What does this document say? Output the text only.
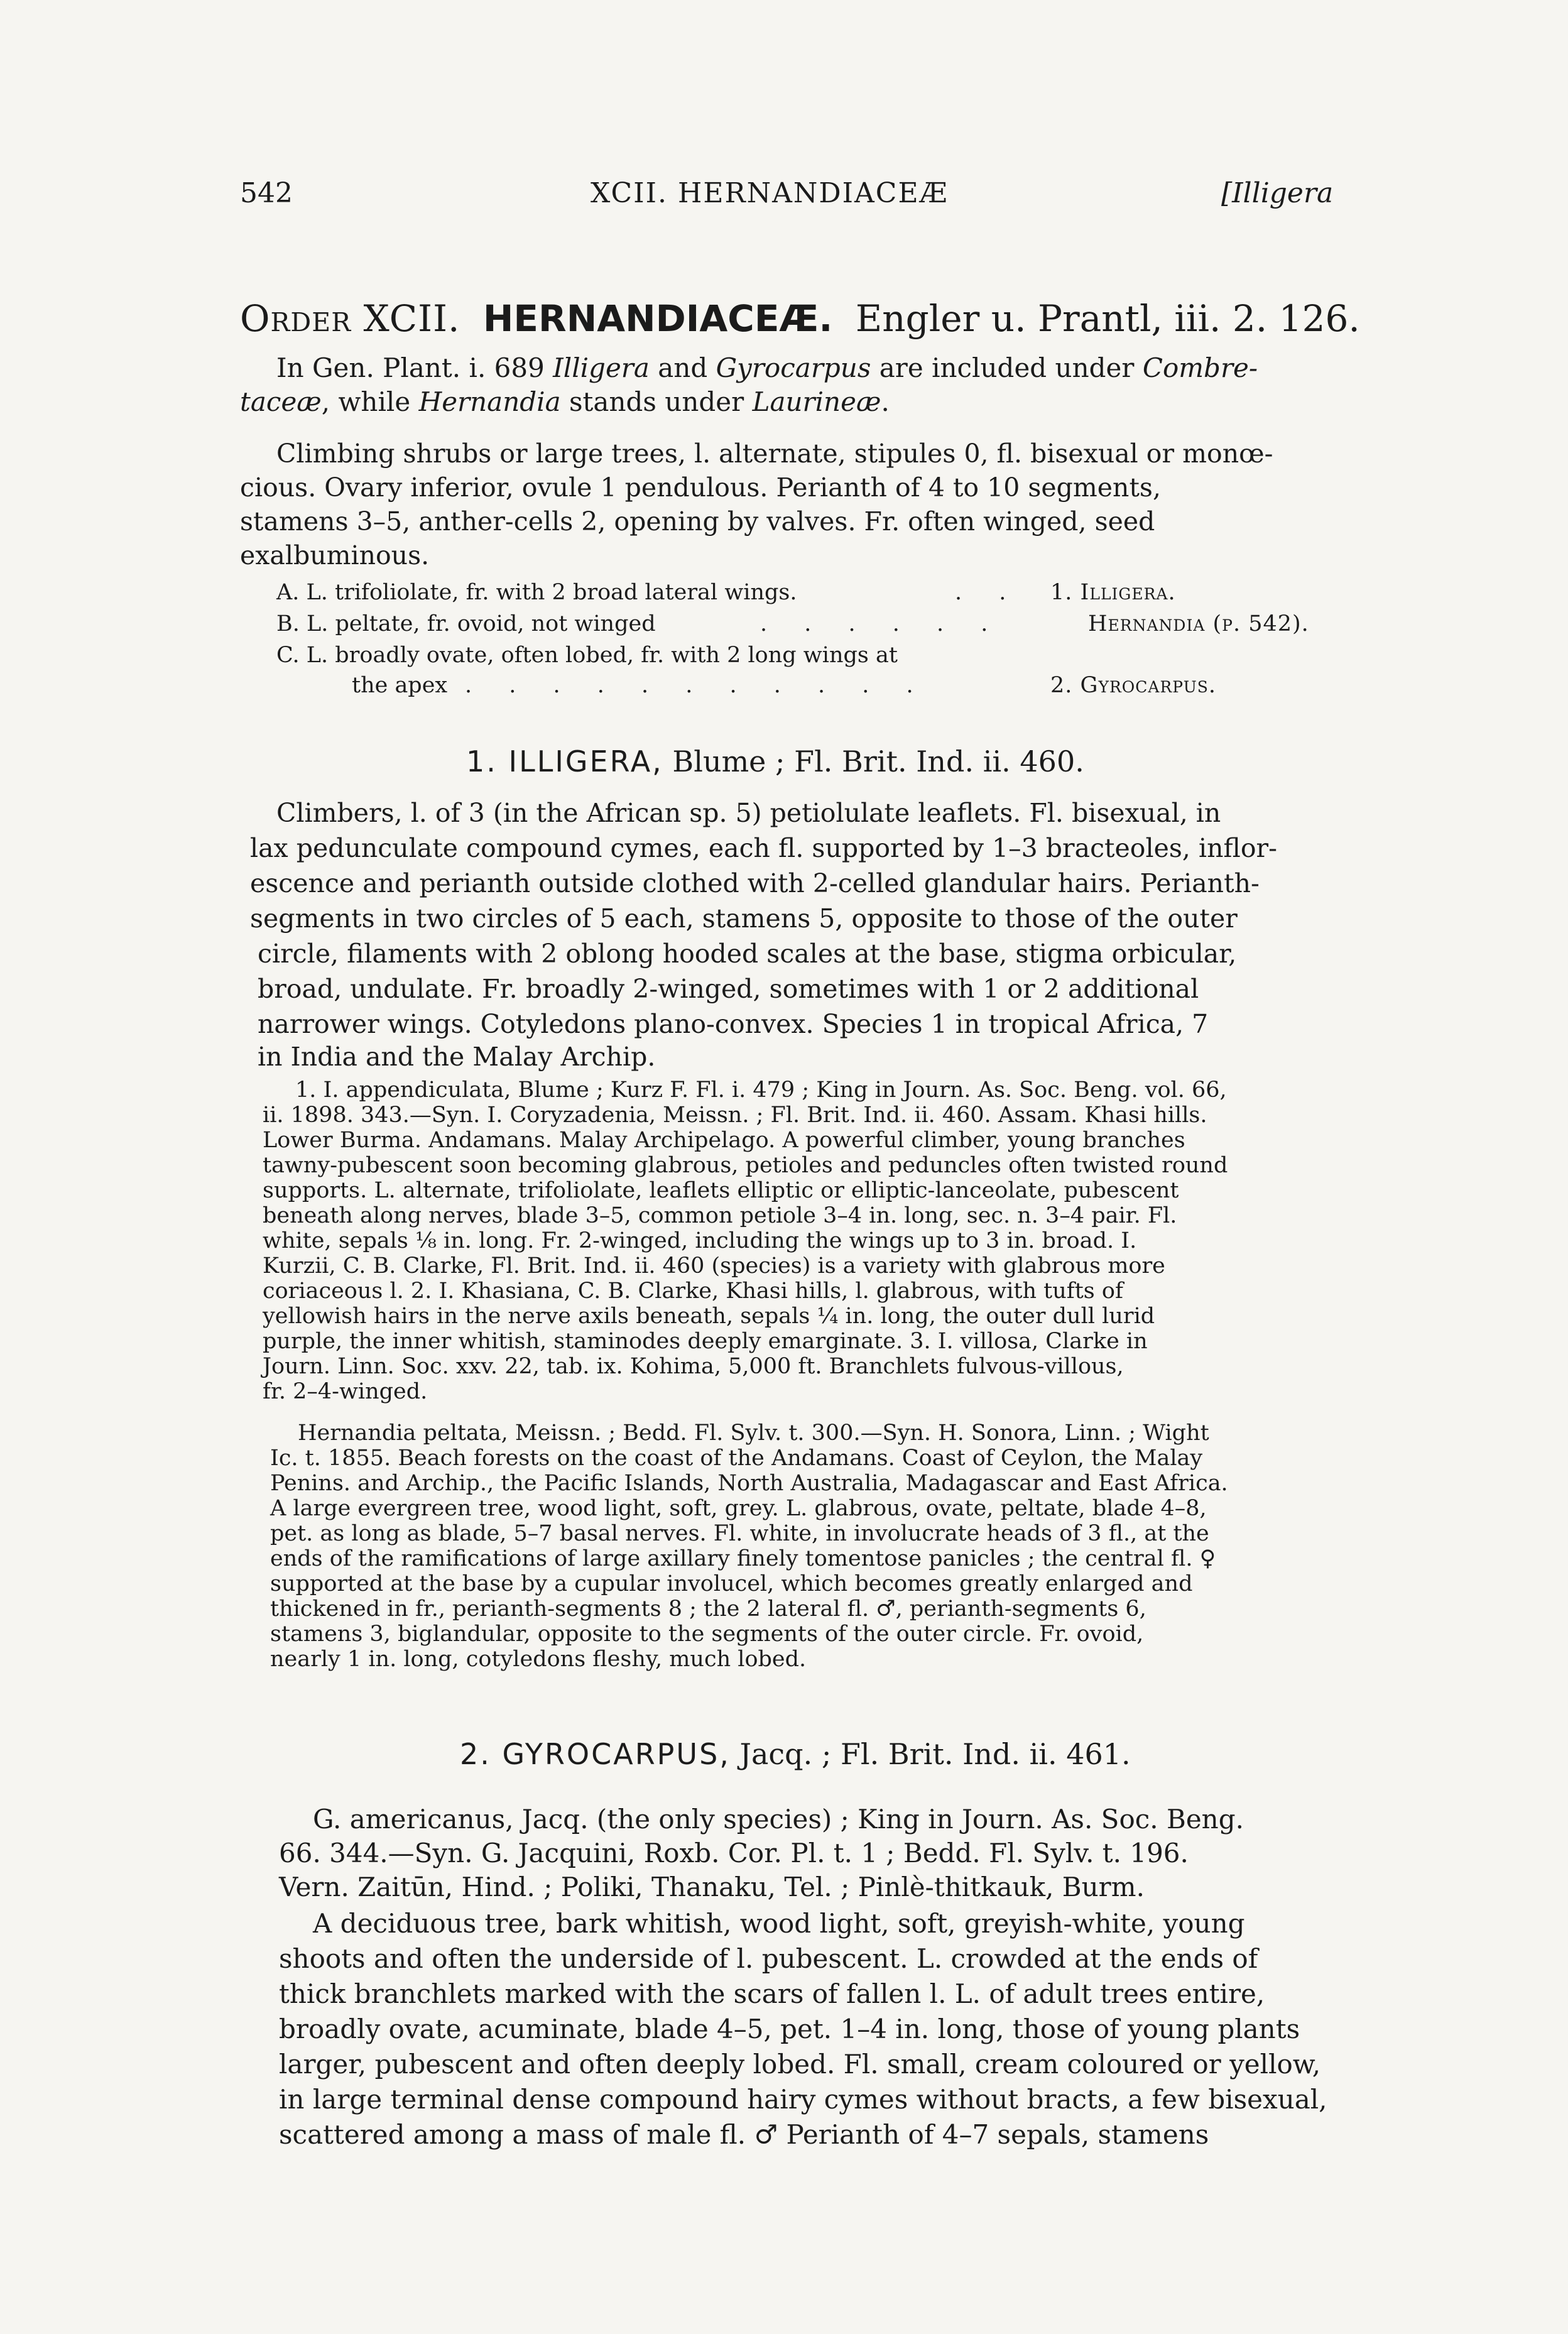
542	XCII. HERNANDIACEÆ	[Illigera
Order XCII. HERNANDIACEÆ. Engler u. Prantl, iii. 2. 126.
In Gen. Plant. i. 689 Illigera and Gyrocarpus are included under Combre-
taceæ, while Hernandia stands under Laurineæ.
Climbing shrubs or large trees, l. alternate, stipules 0, fl. bisexual or monœ-
cious. Ovary inferior, ovule 1 pendulous. Perianth of 4 to 10 segments,
stamens 3–5, anther-cells 2, opening by valves. Fr. often winged, seed
exalbuminous.
A. L. trifoliolate, fr. with 2 broad lateral wings.	. . 1. Illigera.
B. L. peltate, fr. ovoid, not winged	. . . . . .	Hernandia (p. 542).
C. L. broadly ovate, often lobed, fr. with 2 long wings at
the apex . . . . . . . . . . .	2. Gyrocarpus.
1. ILLIGERA, Blume ; Fl. Brit. Ind. ii. 460.
Climbers, l. of 3 (in the African sp. 5) petiolulate leaflets. Fl. bisexual, in
lax pedunculate compound cymes, each fl. supported by 1–3 bracteoles, inflor-
escence and perianth outside clothed with 2-celled glandular hairs. Perianth-
segments in two circles of 5 each, stamens 5, opposite to those of the outer
circle, filaments with 2 oblong hooded scales at the base, stigma orbicular,
broad, undulate. Fr. broadly 2-winged, sometimes with 1 or 2 additional
narrower wings. Cotyledons plano-convex. Species 1 in tropical Africa, 7
in India and the Malay Archip.
1. I. appendiculata, Blume ; Kurz F. Fl. i. 479 ; King in Journ. As. Soc. Beng. vol. 66,
ii. 1898. 343.—Syn. I. Coryzadenia, Meissn. ; Fl. Brit. Ind. ii. 460. Assam. Khasi hills.
Lower Burma. Andamans. Malay Archipelago. A powerful climber, young branches
tawny-pubescent soon becoming glabrous, petioles and peduncles often twisted round
supports. L. alternate, trifoliolate, leaflets elliptic or elliptic-lanceolate, pubescent
beneath along nerves, blade 3–5, common petiole 3–4 in. long, sec. n. 3–4 pair. Fl.
white, sepals ⅛ in. long. Fr. 2-winged, including the wings up to 3 in. broad. I.
Kurzii, C. B. Clarke, Fl. Brit. Ind. ii. 460 (species) is a variety with glabrous more
coriaceous l. 2. I. Khasiana, C. B. Clarke, Khasi hills, l. glabrous, with tufts of
yellowish hairs in the nerve axils beneath, sepals ¼ in. long, the outer dull lurid
purple, the inner whitish, staminodes deeply emarginate. 3. I. villosa, Clarke in
Journ. Linn. Soc. xxv. 22, tab. ix. Kohima, 5,000 ft. Branchlets fulvous-villous,
fr. 2–4-winged.
Hernandia peltata, Meissn. ; Bedd. Fl. Sylv. t. 300.—Syn. H. Sonora, Linn. ; Wight
Ic. t. 1855. Beach forests on the coast of the Andamans. Coast of Ceylon, the Malay
Penins. and Archip., the Pacific Islands, North Australia, Madagascar and East Africa.
A large evergreen tree, wood light, soft, grey. L. glabrous, ovate, peltate, blade 4–8,
pet. as long as blade, 5–7 basal nerves. Fl. white, in involucrate heads of 3 fl., at the
ends of the ramifications of large axillary finely tomentose panicles ; the central fl. ♀
supported at the base by a cupular involucel, which becomes greatly enlarged and
thickened in fr., perianth-segments 8 ; the 2 lateral fl. ♂, perianth-segments 6,
stamens 3, biglandular, opposite to the segments of the outer circle. Fr. ovoid,
nearly 1 in. long, cotyledons fleshy, much lobed.
2. GYROCARPUS, Jacq. ; Fl. Brit. Ind. ii. 461.
G. americanus, Jacq. (the only species) ; King in Journ. As. Soc. Beng.
66. 344.—Syn. G. Jacquini, Roxb. Cor. Pl. t. 1 ; Bedd. Fl. Sylv. t. 196.
Vern. Zaitūn, Hind. ; Poliki, Thanaku, Tel. ; Pinlè-thitkauk, Burm.
A deciduous tree, bark whitish, wood light, soft, greyish-white, young
shoots and often the underside of l. pubescent. L. crowded at the ends of
thick branchlets marked with the scars of fallen l. L. of adult trees entire,
broadly ovate, acuminate, blade 4–5, pet. 1–4 in. long, those of young plants
larger, pubescent and often deeply lobed. Fl. small, cream coloured or yellow,
in large terminal dense compound hairy cymes without bracts, a few bisexual,
scattered among a mass of male fl. ♂ Perianth of 4–7 sepals, stamens
